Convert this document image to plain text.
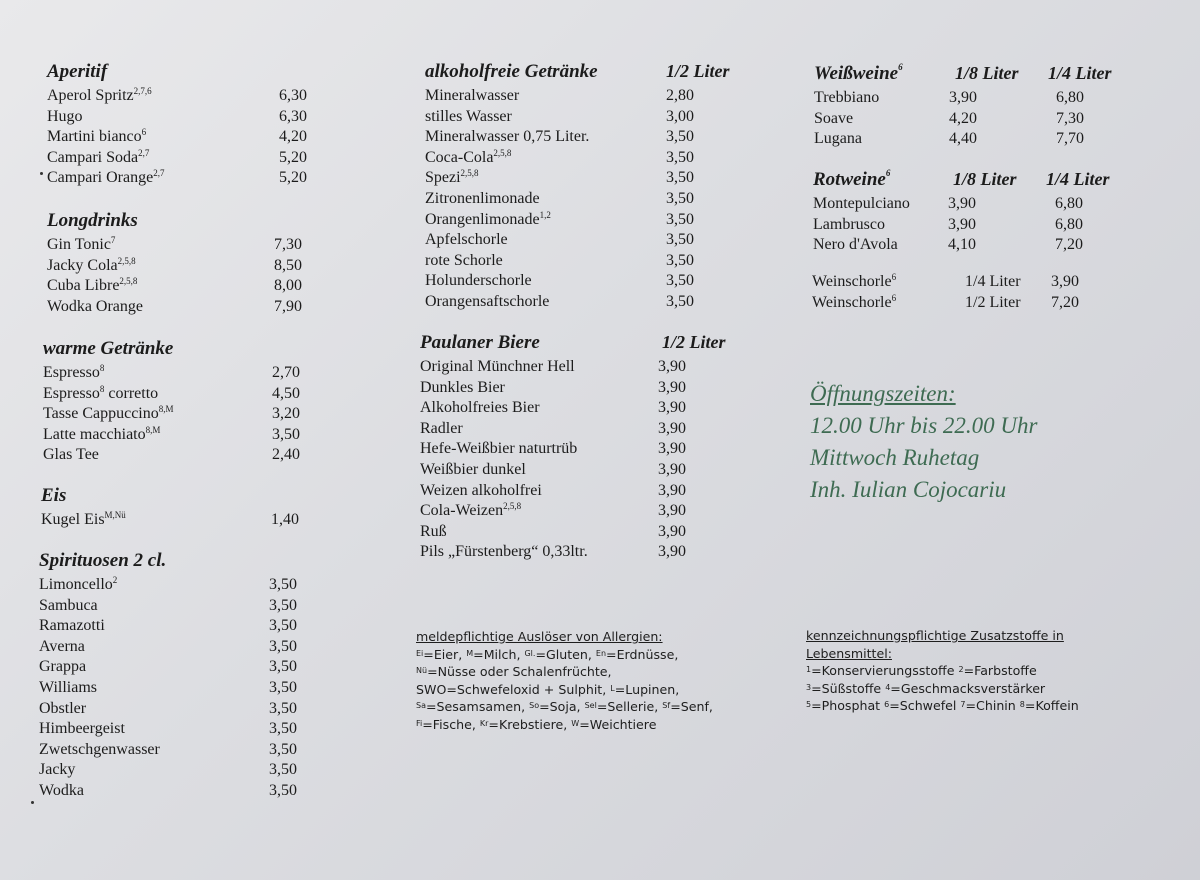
Aperitif
Aperol Spritz$^{2,7,6}$	6,30
Hugo	6,30
Martini bianco$^6$	4,20
Campari Soda$^{2,7}$	5,20
Campari Orange$^{2,7}$	5,20
Longdrinks
Gin Tonic$^7$	7,30
Jacky Cola$^{2,5,8}$	8,50
Cuba Libre$^{2,5,8}$	8,00
Wodka Orange	7,90
warme Getränke
Espresso$^8$	2,70
Espresso$^8$ corretto	4,50
Tasse Cappuccino$^{8,M}$	3,20
Latte macchiato$^{8,M}$	3,50
Glas Tee	2,40
Eis
Kugel Eis$^{M,Nü}$	1,40
Spirituosen 2 cl.
Limoncello$^2$	3,50
Sambuca	3,50
Ramazotti	3,50
Averna	3,50
Grappa	3,50
Williams	3,50
Obstler	3,50
Himbeergeist	3,50
Zwetschgenwasser	3,50
Jacky	3,50
Wodka	3,50
alkoholfreie Getränke	1/2 Liter
Mineralwasser	2,80
stilles Wasser	3,00
Mineralwasser 0,75 Liter.	3,50
Coca-Cola$^{2,5,8}$	3,50
Spezi$^{2,5,8}$	3,50
Zitronenlimonade	3,50
Orangenlimonade$^{1,2}$	3,50
Apfelschorle	3,50
rote Schorle	3,50
Holunderschorle	3,50
Orangensaftschorle	3,50
Paulaner Biere	1/2 Liter
Original Münchner Hell	3,90
Dunkles Bier	3,90
Alkoholfreies Bier	3,90
Radler	3,90
Hefe-Weißbier naturtrüb	3,90
Weißbier dunkel	3,90
Weizen alkoholfrei	3,90
Cola-Weizen$^{2,5,8}$	3,90
Ruß	3,90
Pils „Fürstenberg“ 0,33ltr.	3,90
Weißweine$^6$	1/8 Liter 1/4 Liter
Trebbiano	3,90	6,80
Soave	4,20	7,30
Lugana	4,40	7,70
Rotweine$^6$	1/8 Liter 1/4 Liter
Montepulciano 3,90	6,80
Lambrusco	3,90	6,80
Nero d'Avola	4,10	7,20
Weinschorle$^6$	1/4 Liter 3,90
Weinschorle$^6$	1/2 Liter 7,20
Öffnungszeiten:
12.00 Uhr bis 22.00 Uhr
Mittwoch Ruhetag
Inh. Iulian Cojocariu
meldepflichtige Auslöser von Allergien:
$^{Ei}$=Eier, $^M$=Milch, $^{Gl.}$=Gluten, $^{En}$=Erdnüsse,
$^{Nü}$=Nüsse oder Schalenfrüchte,
SWO=Schwefeloxid + Sulphit, $^L$=Lupinen,
$^{Sa}$=Sesamsamen, $^{So}$=Soja, $^{Sel}$=Sellerie, $^{Sf}$=Senf,
$^{Fi}$=Fische, $^{Kr}$=Krebstiere, $^W$=Weichtiere
kennzeichnungspflichtige Zusatzstoffe in
Lebensmittel:
$^1$=Konservierungsstoffe $^2$=Farbstoffe
$^3$=Süßstoffe $^4$=Geschmacksverstärker
$^5$=Phosphat $^6$=Schwefel $^7$=Chinin $^8$=Koffein
